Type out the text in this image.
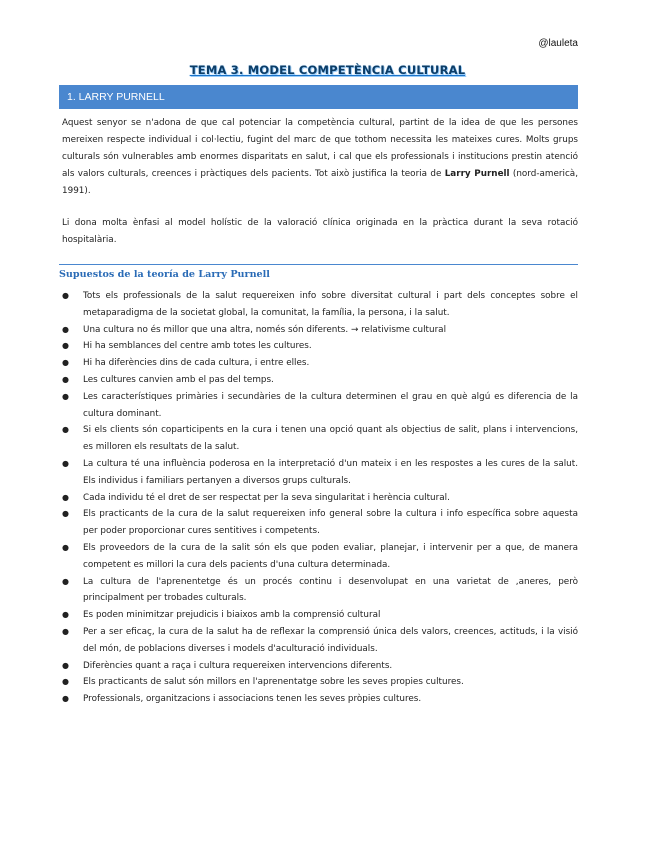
@lauleta
TEMA 3. MODEL COMPETÈNCIA CULTURAL
1. LARRY PURNELL
Aquest senyor se n'adona de que cal potenciar la competència cultural, partint de la idea de que les persones mereixen respecte individual i col·lectiu, fugint del marc de que tothom necessita les mateixes cures. Molts grups culturals són vulnerables amb enormes disparitats en salut, i cal que els professionals i institucions prestin atenció als valors culturals, creences i pràctiques dels pacients. Tot això justifica la teoria de Larry Purnell (nord-americà, 1991).
Li dona molta ènfasi al model holístic de la valoració clínica originada en la pràctica durant la seva rotació hospitalària.
Supuestos de la teoría de Larry Purnell
● Tots els professionals de la salut requereixen info sobre diversitat cultural i part dels conceptes sobre el metaparadigma de la societat global, la comunitat, la família, la persona, i la salut.
● Una cultura no és millor que una altra, només són diferents. → relativisme cultural
● Hi ha semblances del centre amb totes les cultures.
● Hi ha diferències dins de cada cultura, i entre elles.
● Les cultures canvien amb el pas del temps.
● Les característiques primàries i secundàries de la cultura determinen el grau en què algú es diferencia de la cultura dominant.
● Si els clients són coparticipents en la cura i tenen una opció quant als objectius de salit, plans i intervencions, es milloren els resultats de la salut.
● La cultura té una influència poderosa en la interpretació d'un mateix i en les respostes a les cures de la salut. Els individus i familiars pertanyen a diversos grups culturals.
● Cada individu té el dret de ser respectat per la seva singularitat i herència cultural.
● Els practicants de la cura de la salut requereixen info general sobre la cultura i info específica sobre aquesta per poder proporcionar cures sentitives i competents.
● Els proveedors de la cura de la salit són els que poden evaliar, planejar, i intervenir per a que, de manera competent es millori la cura dels pacients d'una cultura determinada.
● La cultura de l'aprenentetge és un procés continu i desenvolupat en una varietat de ,aneres, però principalment per trobades culturals.
● Es poden minimitzar prejudicis i biaixos amb la comprensió cultural
● Per a ser eficaç, la cura de la salut ha de reflexar la comprensió única dels valors, creences, actituds, i la visió del món, de poblacions diverses i models d'aculturació individuals.
● Diferències quant a raça i cultura requereixen intervencions diferents.
● Els practicants de salut són millors en l'aprenentatge sobre les seves propies cultures.
● Professionals, organitzacions i associacions tenen les seves pròpies cultures.
